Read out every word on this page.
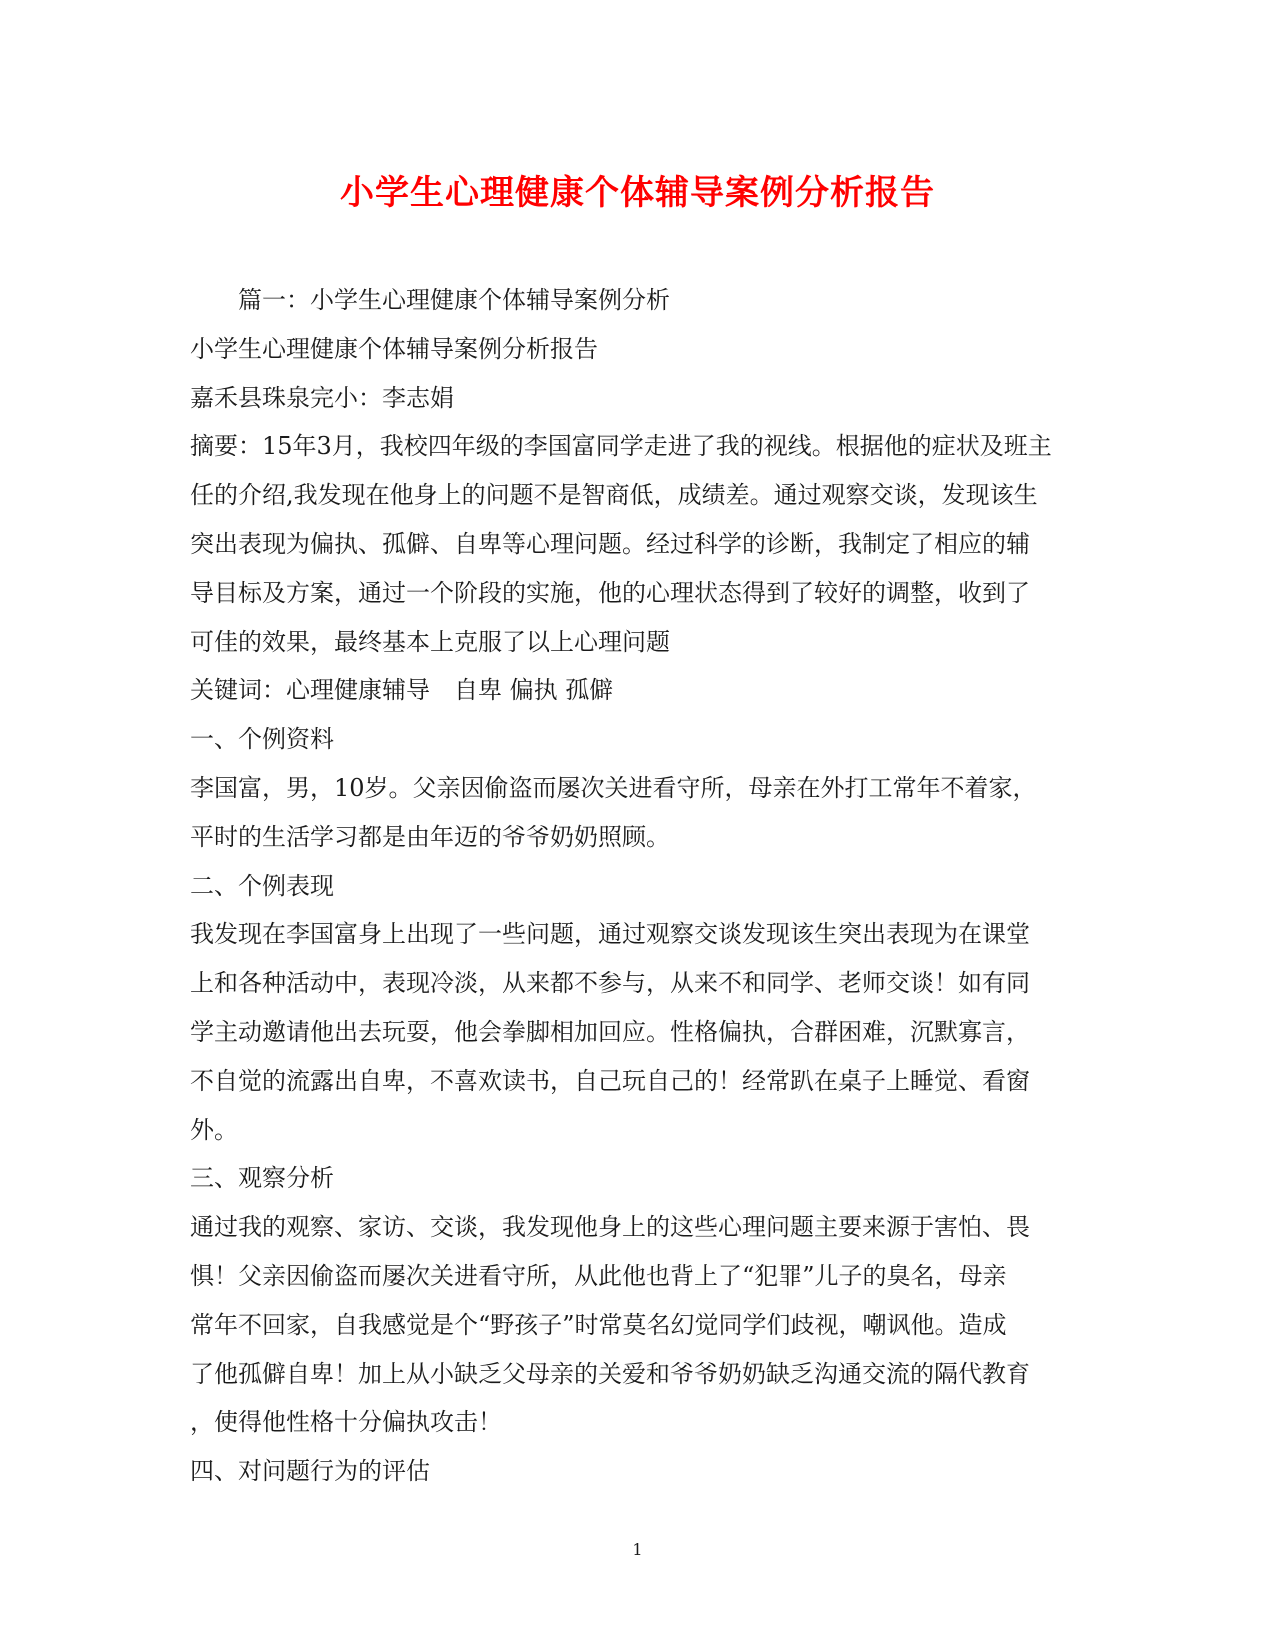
小学生心理健康个体辅导案例分析报告
篇一：小学生心理健康个体辅导案例分析
小学生心理健康个体辅导案例分析报告
嘉禾县珠泉完小：李志娟
摘要：15年3月，我校四年级的李国富同学走进了我的视线。根据他的症状及班主
任的介绍,我发现在他身上的问题不是智商低，成绩差。通过观察交谈，发现该生
突出表现为偏执、孤僻、自卑等心理问题。经过科学的诊断，我制定了相应的辅
导目标及方案，通过一个阶段的实施，他的心理状态得到了较好的调整，收到了
可佳的效果，最终基本上克服了以上心理问题
关键词：心理健康辅导　自卑 偏执 孤僻
一、个例资料
李国富，男，10岁。父亲因偷盗而屡次关进看守所，母亲在外打工常年不着家，
平时的生活学习都是由年迈的爷爷奶奶照顾。
二、个例表现
我发现在李国富身上出现了一些问题，通过观察交谈发现该生突出表现为在课堂
上和各种活动中，表现冷淡，从来都不参与，从来不和同学、老师交谈！如有同
学主动邀请他出去玩耍，他会拳脚相加回应。性格偏执，合群困难，沉默寡言，
不自觉的流露出自卑，不喜欢读书，自己玩自己的！经常趴在桌子上睡觉、看窗
外。
三、观察分析
通过我的观察、家访、交谈，我发现他身上的这些心理问题主要来源于害怕、畏
惧！父亲因偷盗而屡次关进看守所，从此他也背上了“犯罪”儿子的臭名，母亲
常年不回家，自我感觉是个“野孩子”时常莫名幻觉同学们歧视，嘲讽他。造成
了他孤僻自卑！加上从小缺乏父母亲的关爱和爷爷奶奶缺乏沟通交流的隔代教育
，使得他性格十分偏执攻击！
四、对问题行为的评估
1
